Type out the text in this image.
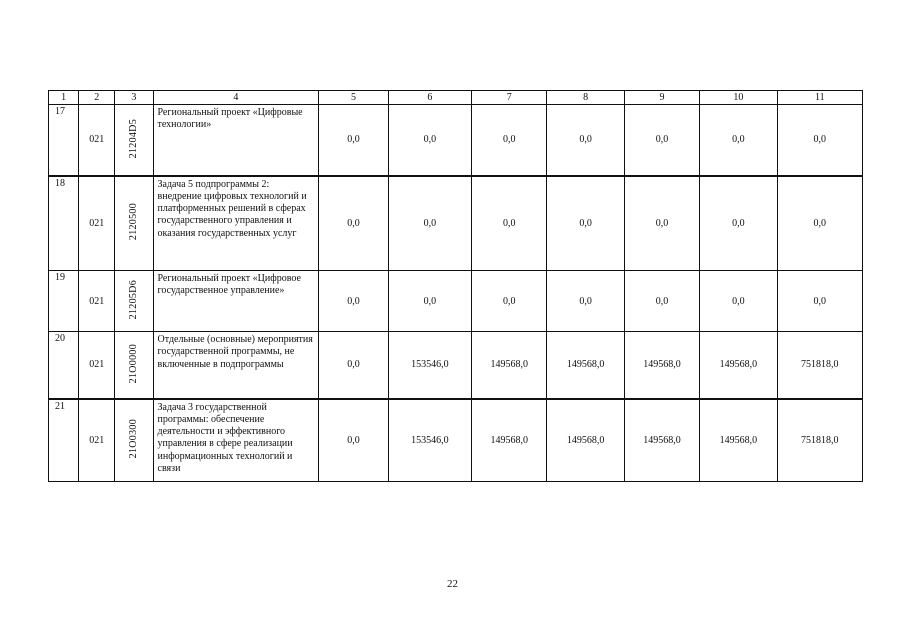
1	2	3	4	5	6	7	8	9	10	11
17	021	21204D5	Региональный проект «Цифровые технологии»	0,0	0,0	0,0	0,0	0,0	0,0	0,0
18	021	2120500	Задача 5 подпрограммы 2: внедрение цифровых технологий и платформенных решений в сферах государственного управления и оказания государственных услуг	0,0	0,0	0,0	0,0	0,0	0,0	0,0
19	021	21205D6	Региональный проект «Цифровое государственное управление»	0,0	0,0	0,0	0,0	0,0	0,0	0,0
20	021	21О0000	Отдельные (основные) мероприятия государственной программы, не включенные в подпрограммы	0,0	153546,0	149568,0	149568,0	149568,0	149568,0	751818,0
21	021	21О0300	Задача 3 государственной программы: обеспечение деятельности и эффективного управления в сфере реализации информационных технологий и связи	0,0	153546,0	149568,0	149568,0	149568,0	149568,0	751818,0
22
